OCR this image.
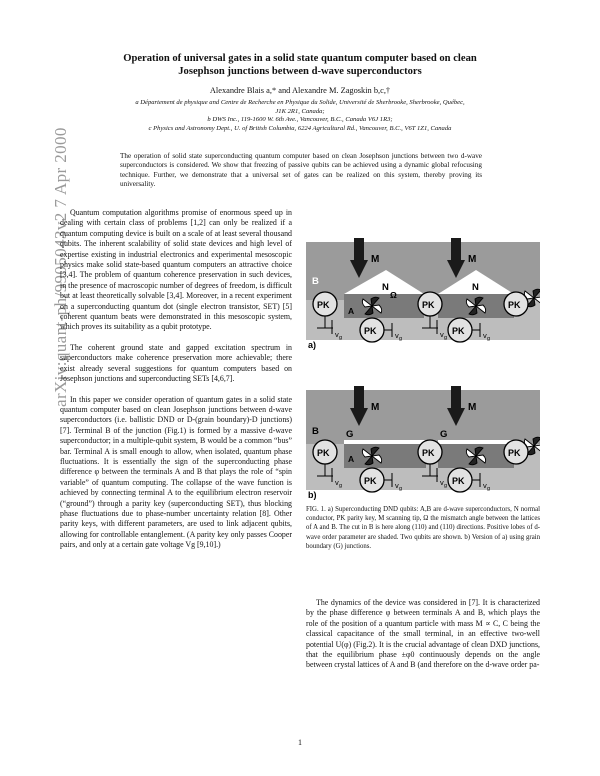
Operation of universal gates in a solid state quantum computer based on clean
Josephson junctions between d-wave superconductors
Alexandre Blais a,* and Alexandre M. Zagoskin b,c,†
a Département de physique and Centre de Recherche en Physique du Solide, Université de Sherbrooke, Sherbrooke, Québec,
J1K 2R1, Canada;
b DWS Inc., 119-1600 W. 6th Ave., Vancouver, B.C., Canada V6J 1R3;
c Physics and Astronomy Dept., U. of British Columbia, 6224 Agricultural Rd., Vancouver, B.C., V6T 1Z1, Canada
The operation of solid state superconducting quantum computer based on clean Josephson junctions between two d-wave superconductors is considered. We show that freezing of passive qubits can be achieved using a dynamic global refocusing technique. Further, we demonstrate that a universal set of gates can be realized on this system, thereby proving its universality.
arXiv:quant-ph/9905043v2 7 Apr 2000 Quantum computation algorithms promise of enormous speed up in dealing with certain class of problems [1,2] can only be realized if a quantum computing device is built on a scale of at least several thousand qubits. The inherent scalability of solid state devices and high level of expertise existing in industrial electronics and experimental mesoscopic physics make solid state-based quantum computers an attractive choice [3,4]. The problem of quantum coherence preservation in such devices, in the presence of macroscopic number of degrees of freedom, is difficult but at least theoretically solvable [3,4]. Moreover, in a recent experiment on a superconducting quantum dot (single electron transistor, SET) [5] coherent quantum beats were demonstrated in this mesoscopic system, which proves its suitability as a qubit prototype.

The coherent ground state and gapped excitation spectrum in superconductors make coherence preservation more achievable; there exist already several suggestions for quantum computers based on Josephson junctions and superconducting SETs [4,6,7].

In this paper we consider operation of quantum gates in a solid state quantum computer based on clean Josephson junctions between d-wave superconductors (i.e. ballistic DND or D-(grain boundary)-D junctions) [7]. Terminal B of the junction (Fig.1) is formed by a massive d-wave superconductor; in a multiple-qubit system, B would be a common “bus” bar. Terminal A is small enough to allow, when isolated, quantum phase fluctuations. It is essentially the sign of the superconducting phase difference φ between the terminals A and B that plays the role of “spin variable” of quantum computing. The collapse of the wave function is achieved by connecting terminal A to the equilibrium electron reservoir (“ground”) through a parity key (superconducting SET), thus blocking phase fluctuations due to phase-number uncertainty relation [8]. Other parity keys, with different parameters, are used to link adjacent qubits, allowing for controllable entanglement. (A parity key only passes Cooper pairs, and only at a certain gate voltage Vg [9,10].)

M	M
N	N
B
A
Ω
PK
v g
PK
v g
PK
PK v g
PK v g
a)
M	M
B	G	G
A
PK
v g
PK
v g
PK
PK v g
PK v g
b)
FIG. 1. a) Superconducting DND qubits: A,B are d-wave superconductors, N normal conductor, PK parity key, M scanning tip, Ω the mismatch angle between the lattices of A and B. The cut in B is here along (110) and (110) directions. Positive lobes of d-wave order parameter are shaded. Two qubits are shown. b) Version of a) using grain boundary (G) junctions.

The dynamics of the device was considered in [7]. It is characterized by the phase difference φ between terminals A and B, which plays the role of the position of a quantum particle with mass M ∝ C, C being the classical capacitance of the small terminal, in an effective two-well potential U(φ) (Fig.2). It is the crucial advantage of clean DXD junctions, that the equilibrium phase ±φ0 continuously depends on the angle between crystal lattices of A and B (and therefore on the d-wave order pa-

1
